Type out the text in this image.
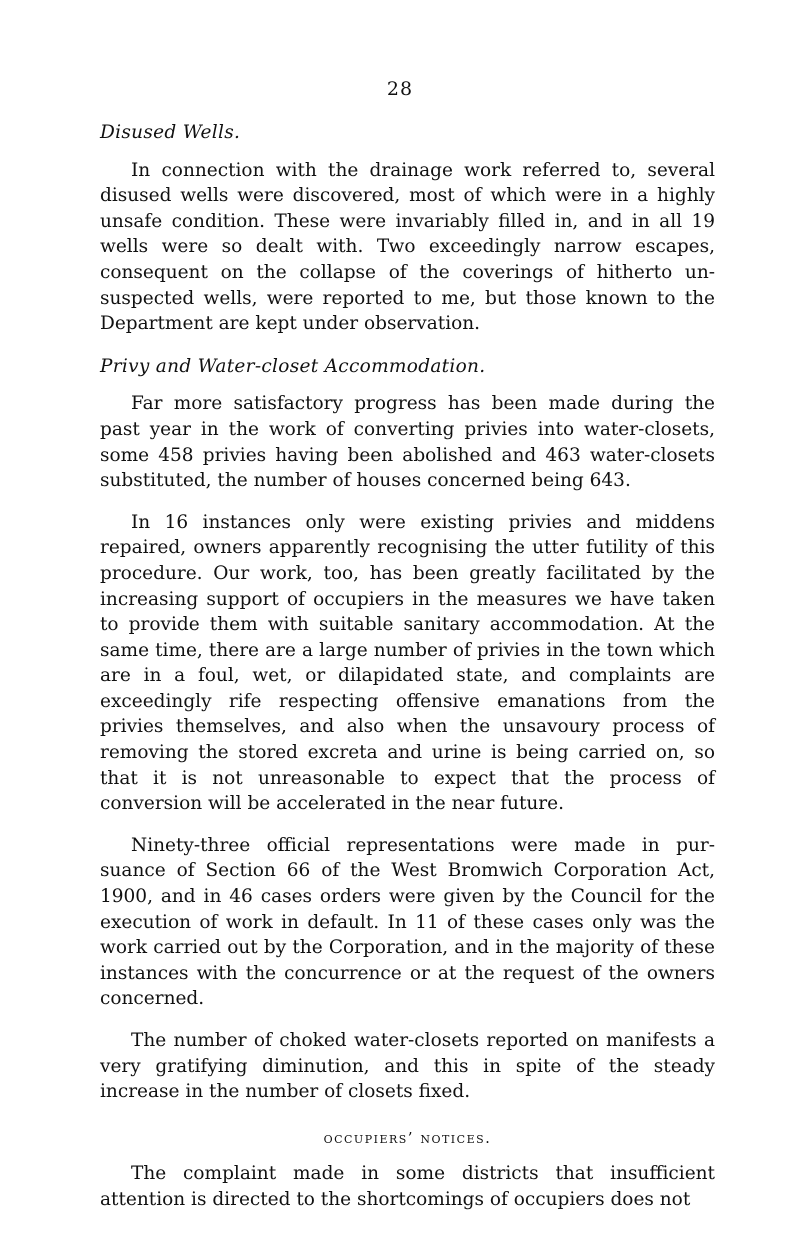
28

Disused Wells.

In connection with the drainage work referred to, several disused wells were discovered, most of which were in a highly unsafe condition. These were invariably filled in, and in all 19 wells were so dealt with. Two exceedingly narrow escapes, consequent on the collapse of the coverings of hitherto un-suspected wells, were reported to me, but those known to the Department are kept under observation.

Privy and Water-closet Accommodation.

Far more satisfactory progress has been made during the past year in the work of converting privies into water-closets, some 458 privies having been abolished and 463 water-closets substituted, the number of houses concerned being 643.

In 16 instances only were existing privies and middens repaired, owners apparently recognising the utter futility of this procedure. Our work, too, has been greatly facilitated by the increasing support of occupiers in the measures we have taken to provide them with suitable sanitary accommodation. At the same time, there are a large number of privies in the town which are in a foul, wet, or dilapidated state, and complaints are exceedingly rife respecting offensive emanations from the privies themselves, and also when the unsavoury process of removing the stored excreta and urine is being carried on, so that it is not unreasonable to expect that the process of conversion will be accelerated in the near future.

Ninety-three official representations were made in pur-suance of Section 66 of the West Bromwich Corporation Act, 1900, and in 46 cases orders were given by the Council for the execution of work in default. In 11 of these cases only was the work carried out by the Corporation, and in the majority of these instances with the concurrence or at the request of the owners concerned.

The number of choked water-closets reported on manifests a very gratifying diminution, and this in spite of the steady increase in the number of closets fixed.

occupiers’ notices.

The complaint made in some districts that insufficient attention is directed to the shortcomings of occupiers does not
